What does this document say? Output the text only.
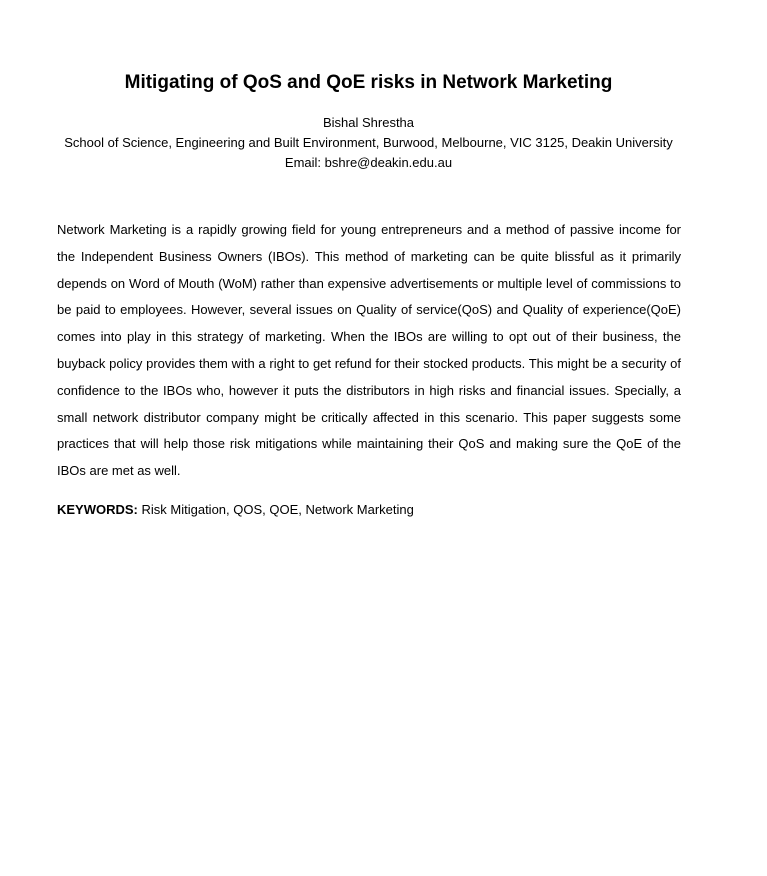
Mitigating of QoS and QoE risks in Network Marketing
Bishal Shrestha
School of Science, Engineering and Built Environment, Burwood, Melbourne, VIC 3125, Deakin University
Email: bshre@deakin.edu.au

Network Marketing is a rapidly growing field for young entrepreneurs and a method of passive income for the Independent Business Owners (IBOs). This method of marketing can be quite blissful as it primarily depends on Word of Mouth (WoM) rather than expensive advertisements or multiple level of commissions to be paid to employees. However, several issues on Quality of service(QoS) and Quality of experience(QoE) comes into play in this strategy of marketing. When the IBOs are willing to opt out of their business, the buyback policy provides them with a right to get refund for their stocked products. This might be a security of confidence to the IBOs who, however it puts the distributors in high risks and financial issues. Specially, a small network distributor company might be critically affected in this scenario. This paper suggests some practices that will help those risk mitigations while maintaining their QoS and making sure the QoE of the IBOs are met as well.

KEYWORDS: Risk Mitigation, QOS, QOE, Network Marketing
